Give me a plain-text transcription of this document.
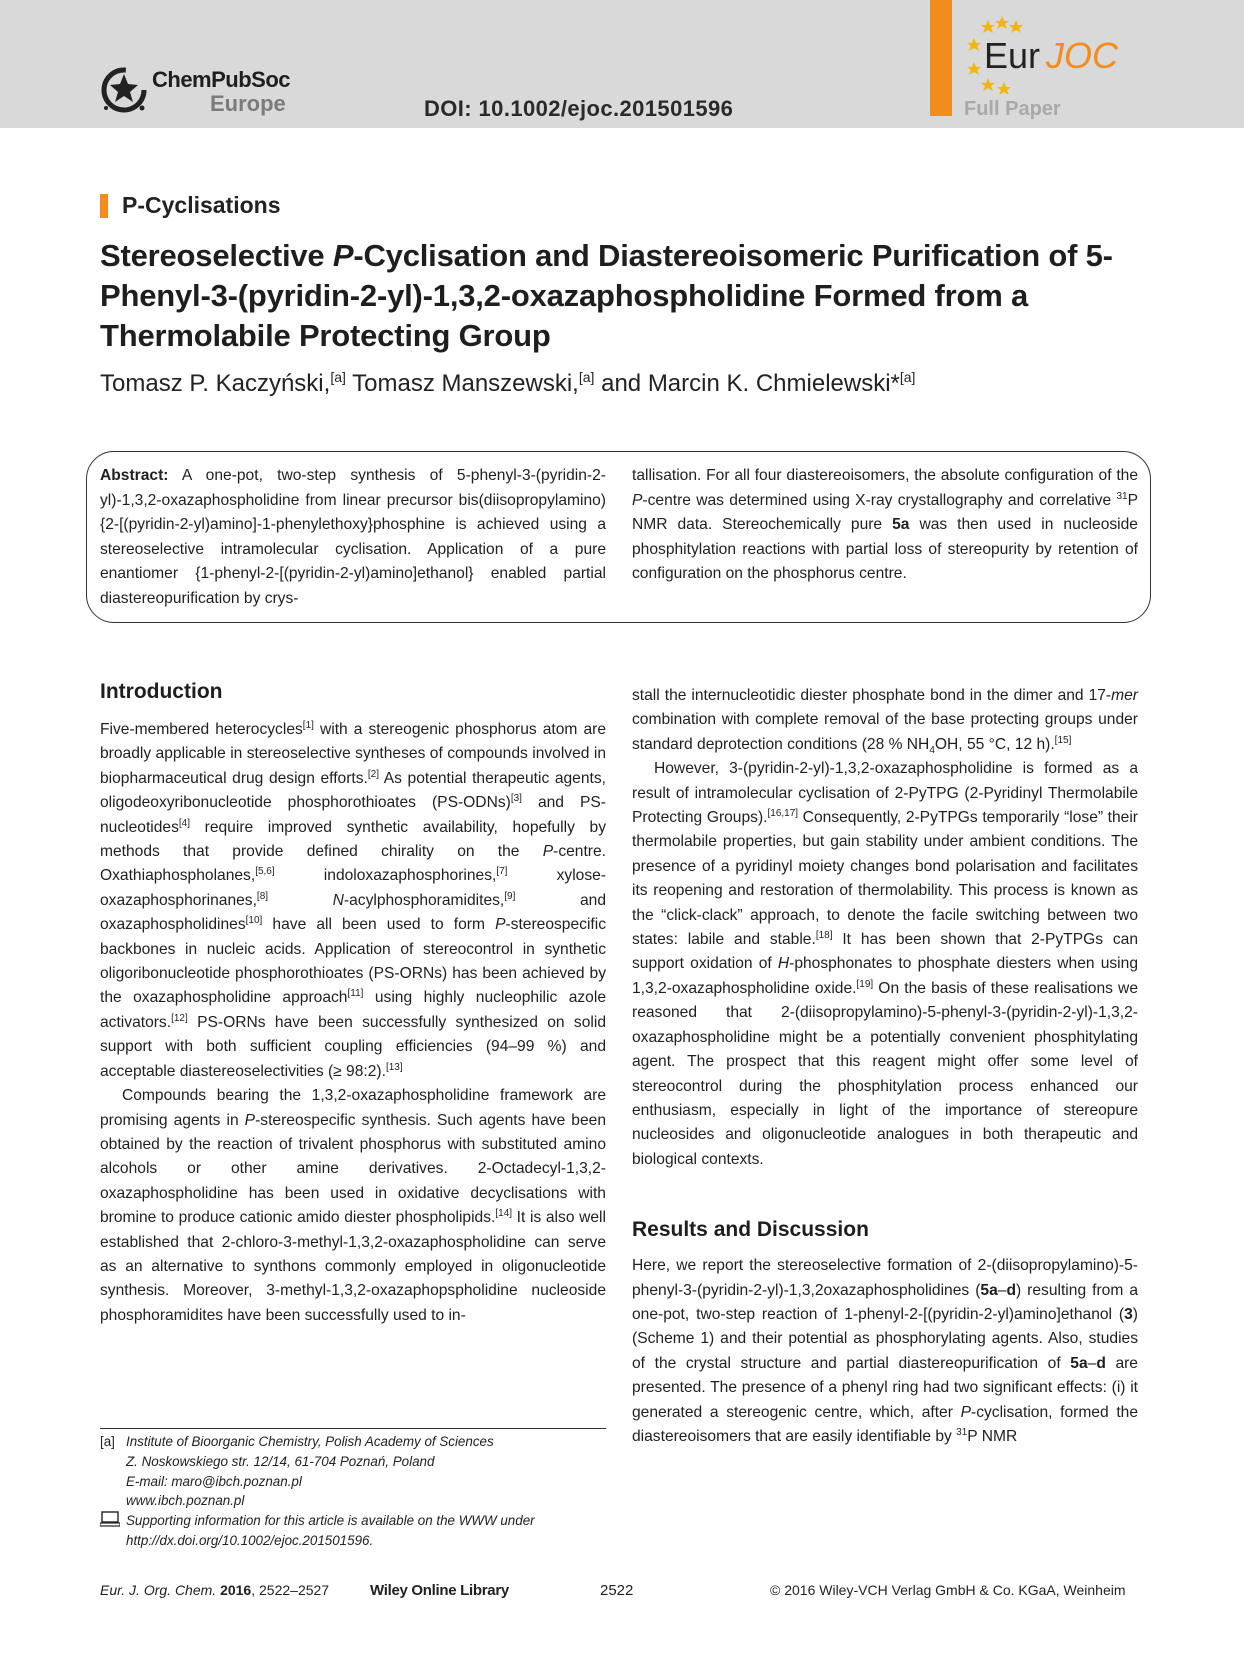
ChemPubSoc
Europe	DOI: 10.1002/ejoc.201501596
Eur JOC
Full Paper
P-Cyclisations
Stereoselective P-Cyclisation and Diastereoisomeric Purification of 5-Phenyl-3-(pyridin-2-yl)-1,3,2-oxazaphospholidine Formed from a Thermolabile Protecting Group
Tomasz P. Kaczyński,[a] Tomasz Manszewski,[a] and Marcin K. Chmielewski*[a]
Abstract: A one-pot, two-step synthesis of 5-phenyl-3-(pyridin-2-yl)-1,3,2-oxazaphospholidine from linear precursor bis(diisopropylamino){2-[(pyridin-2-yl)amino]-1-phenylethoxy}phosphine is achieved using a stereoselective intramolecular cyclisation. Application of a pure enantiomer {1-phenyl-2-[(pyridin-2-yl)amino]ethanol} enabled partial diastereopurification by crys-
tallisation. For all four diastereoisomers, the absolute configuration of the P-centre was determined using X-ray crystallography and correlative $^{31}$P NMR data. Stereochemically pure 5a was then used in nucleoside phosphitylation reactions with partial loss of stereopurity by retention of configuration on the phosphorus centre.
Introduction

Five-membered heterocycles[1] with a stereogenic phosphorus atom are broadly applicable in stereoselective syntheses of compounds involved in biopharmaceutical drug design efforts.[2] As potential therapeutic agents, oligodeoxyribonucleotide phosphorothioates (PS-ODNs)[3] and PS-nucleotides[4] require improved synthetic availability, hopefully by methods that provide defined chirality on the P-centre. Oxathiaphospholanes,[5,6] indoloxazaphosphorines,[7] xylose-oxazaphosphorinanes,[8]	N-acylphosphoramidites,[9] and oxazaphospholidines[10] have all been used to form P-stereospecific backbones in nucleic acids. Application of stereocontrol in synthetic oligoribonucleotide phosphorothioates (PS-ORNs) has been achieved by the oxazaphospholidine approach[11] using highly nucleophilic azole activators.[12] PS-ORNs have been successfully synthesized on solid support with both sufficient coupling efficiencies (94–99 %) and acceptable diastereoselectivities (≥ 98:2).[13]

Compounds bearing the 1,3,2-oxazaphospholidine framework are promising agents in P-stereospecific synthesis. Such agents have been obtained by the reaction of trivalent phosphorus with substituted amino alcohols or other amine derivatives. 2-Octadecyl-1,3,2-oxazaphospholidine has been used in oxidative decyclisations with bromine to produce cationic amido diester phospholipids.[14] It is also well established that 2-chloro-3-methyl-1,3,2-oxazaphospholidine can serve as an alternative to synthons commonly employed in oligonucleotide synthesis. Moreover, 3-methyl-1,3,2-oxazaphopspholidine nucleoside phosphoramidites have been successfully used to in-

stall the internucleotidic diester phosphate bond in the dimer and 17-mer combination with complete removal of the base protecting groups under standard deprotection conditions (28 % $NH_4OH$, 55 °C, 12 h).[15]

However, 3-(pyridin-2-yl)-1,3,2-oxazaphospholidine is formed as a result of intramolecular cyclisation of 2-PyTPG (2-Pyridinyl Thermolabile Protecting Groups).[16,17] Consequently, 2-PyTPGs temporarily “lose” their thermolabile properties, but gain stability under ambient conditions. The presence of a pyridinyl moiety changes bond polarisation and facilitates its reopening and restoration of thermolability. This process is known as the “click-clack” approach, to denote the facile switching between two states: labile and stable.[18] It has been shown that 2-PyTPGs can support oxidation of H-phosphonates to phosphate diesters when using 1,3,2-oxazaphospholidine oxide.[19] On the basis of these realisations we reasoned that 2-(diisopropylamino)-5-phenyl-3-(pyridin-2-yl)-1,3,2-oxazaphospholidine might be a potentially convenient phosphitylating agent. The prospect that this reagent might offer some level of stereocontrol during the phosphitylation process enhanced our enthusiasm, especially in light of the importance of stereopure nucleosides and oligonucleotide analogues in both therapeutic and biological contexts.

Results and Discussion

Here, we report the stereoselective formation of 2-(diisopropylamino)-5-phenyl-3-(pyridin-2-yl)-1,3,2oxazaphospholidines (5a–d) resulting from a one-pot, two-step reaction of 1-phenyl-2-[(pyridin-2-yl)amino]ethanol (3) (Scheme 1) and their potential as phosphorylating agents. Also, studies of the crystal structure and partial diastereopurification of 5a–d are presented. The presence of a phenyl ring had two significant effects: (i) it generated a stereogenic centre, which, after P-cyclisation, formed the diastereoisomers that are easily identifiable by $^{31}$P NMR

[a] Institute of Bioorganic Chemistry, Polish Academy of Sciences
Z. Noskowskiego str. 12/14, 61-704 Poznań, Poland
E-mail: maro@ibch.poznan.pl
www.ibch.poznan.pl
Supporting information for this article is available on the WWW under http://dx.doi.org/10.1002/ejoc.201501596.
Eur. J. Org. Chem. 2016, 2522–2527	Wiley Online Library	2522	© 2016 Wiley-VCH Verlag GmbH & Co. KGaA, Weinheim
